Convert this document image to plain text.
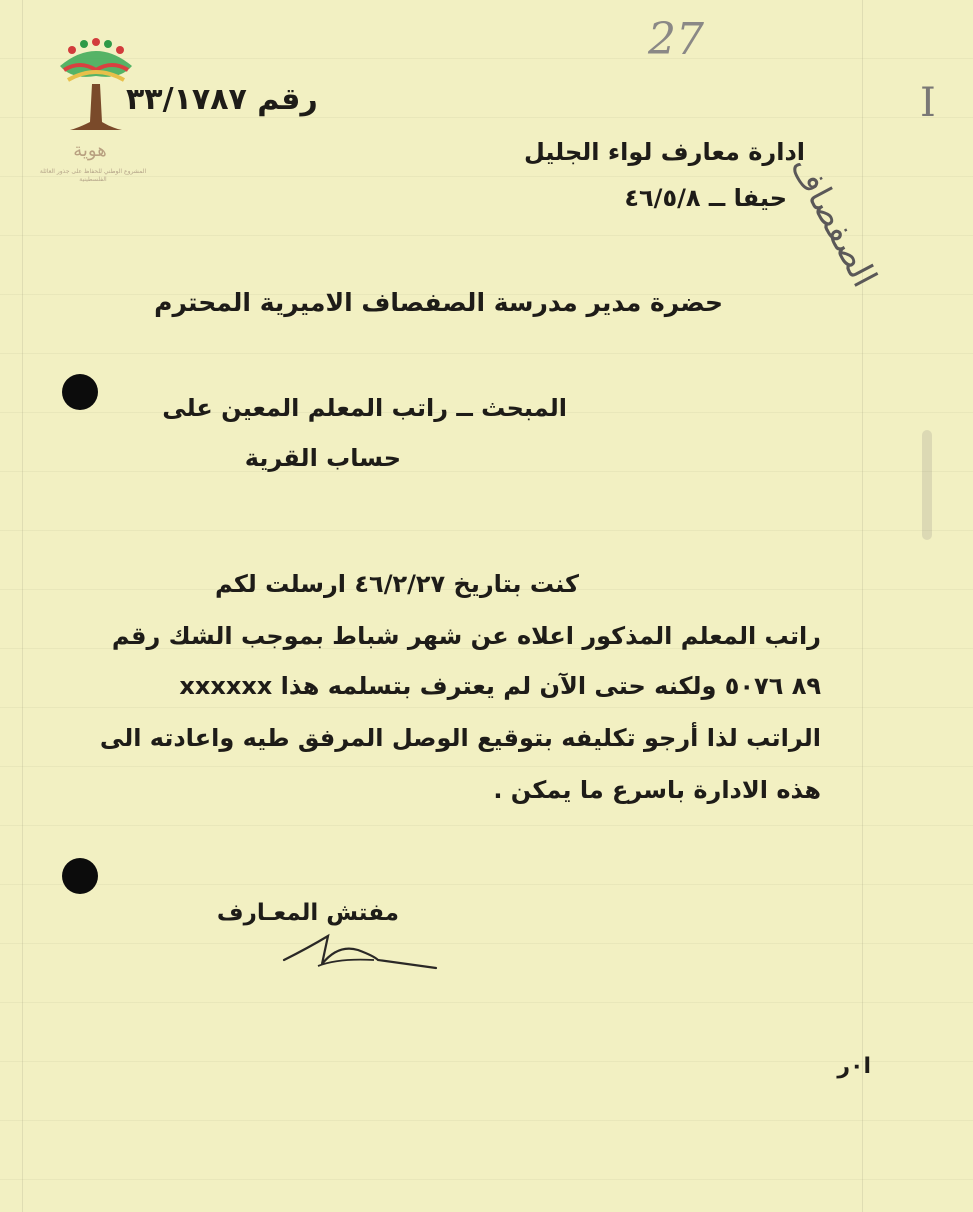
هوية
المشروع الوطني للحفاظ على جذور العائلة الفلسطينية
رقم ٣٣/١٧٨٧
27
الصفصاف
I
ادارة معارف لواء الجليل
حيفا ــ ٤٦/٥/٨
حضرة مدير مدرسة الصفصاف الاميرية المحترم
المبحث ــ راتب المعلم المعين على
حساب القرية
كنت بتاريخ ٤٦/٢/٢٧ ارسلت لكم
راتب المعلم المذكور اعلاه عن شهر شباط بموجب الشك رقم
xxxxxx ٨٩ ٥٠٧٦ ولكنه حتى الآن لم يعترف بتسلمه هذا
الراتب لذا أرجو تكليفه بتوقيع الوصل المرفق طيه واعادته الى
هذه الادارة باسرع ما يمكن .
مفتش المعـارف
ا٠ر
